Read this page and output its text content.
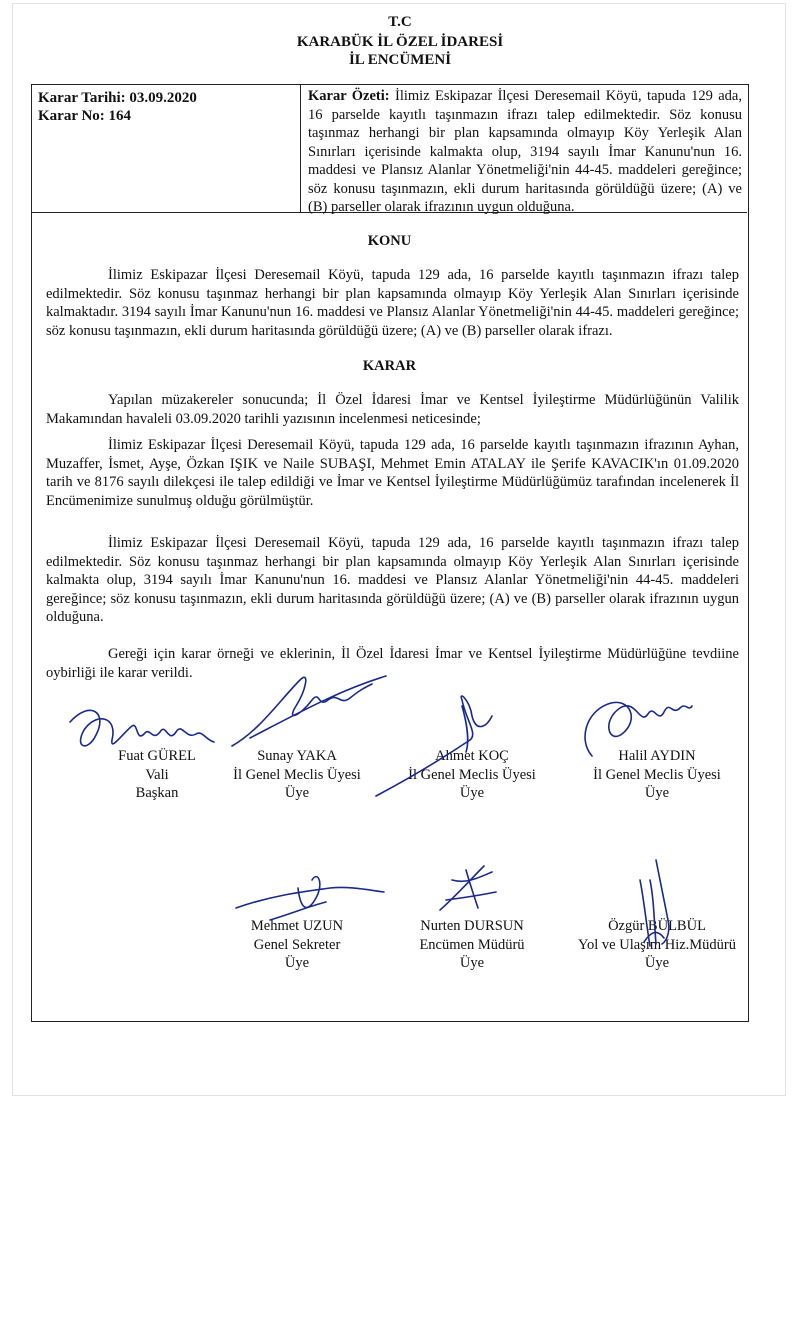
T.C
KARABÜK İL ÖZEL İDARESİ
İL ENCÜMENİ
Karar Tarihi: 03.09.2020
Karar No: 164
Karar Özeti: İlimiz Eskipazar İlçesi Deresemail Köyü, tapuda 129 ada, 16 parselde kayıtlı taşınmazın ifrazı talep edilmektedir. Söz konusu taşınmaz herhangi bir plan kapsamında olmayıp Köy Yerleşik Alan Sınırları içerisinde kalmakta olup, 3194 sayılı İmar Kanunu'nun 16. maddesi ve Plansız Alanlar Yönetmeliği'nin 44-45. maddeleri gereğince; söz konusu taşınmazın, ekli durum haritasında görüldüğü üzere; (A) ve (B) parseller olarak ifrazının uygun olduğuna.
KONU

İlimiz Eskipazar İlçesi Deresemail Köyü, tapuda 129 ada, 16 parselde kayıtlı taşınmazın ifrazı talep edilmektedir. Söz konusu taşınmaz herhangi bir plan kapsamında olmayıp Köy Yerleşik Alan Sınırları içerisinde kalmaktadır. 3194 sayılı İmar Kanunu'nun 16. maddesi ve Plansız Alanlar Yönetmeliği'nin 44-45. maddeleri gereğince; söz konusu taşınmazın, ekli durum haritasında görüldüğü üzere; (A) ve (B) parseller olarak ifrazı.

KARAR

Yapılan müzakereler sonucunda; İl Özel İdaresi İmar ve Kentsel İyileştirme Müdürlüğünün Valilik Makamından havaleli 03.09.2020 tarihli yazısının incelenmesi neticesinde;

İlimiz Eskipazar İlçesi Deresemail Köyü, tapuda 129 ada, 16 parselde kayıtlı taşınmazın ifrazının Ayhan, Muzaffer, İsmet, Ayşe, Özkan IŞIK ve Naile SUBAŞI, Mehmet Emin ATALAY ile Şerife KAVACIK'ın 01.09.2020 tarih ve 8176 sayılı dilekçesi ile talep edildiği ve İmar ve Kentsel İyileştirme Müdürlüğümüz tarafından incelenerek İl Encümenimize sunulmuş olduğu görülmüştür.

İlimiz Eskipazar İlçesi Deresemail Köyü, tapuda 129 ada, 16 parselde kayıtlı taşınmazın ifrazı talep edilmektedir. Söz konusu taşınmaz herhangi bir plan kapsamında olmayıp Köy Yerleşik Alan Sınırları içerisinde kalmakta olup, 3194 sayılı İmar Kanunu'nun 16. maddesi ve Plansız Alanlar Yönetmeliği'nin 44-45. maddeleri gereğince; söz konusu taşınmazın, ekli durum haritasında görüldüğü üzere; (A) ve (B) parseller olarak ifrazının uygun olduğuna.

Gereği için karar örneği ve eklerinin, İl Özel İdaresi İmar ve Kentsel İyileştirme Müdürlüğüne tevdiine oybirliği ile karar verildi.

Fuat GÜREL
Vali
Başkan
Sunay YAKA
İl Genel Meclis Üyesi
Üye
Ahmet KOÇ
İl Genel Meclis Üyesi
Üye
Halil AYDIN
İl Genel Meclis Üyesi
Üye
Mehmet UZUN
Genel Sekreter
Üye
Nurten DURSUN
Encümen Müdürü
Üye
Özgür BÜLBÜL
Yol ve Ulaşım Hiz.Müdürü
Üye
